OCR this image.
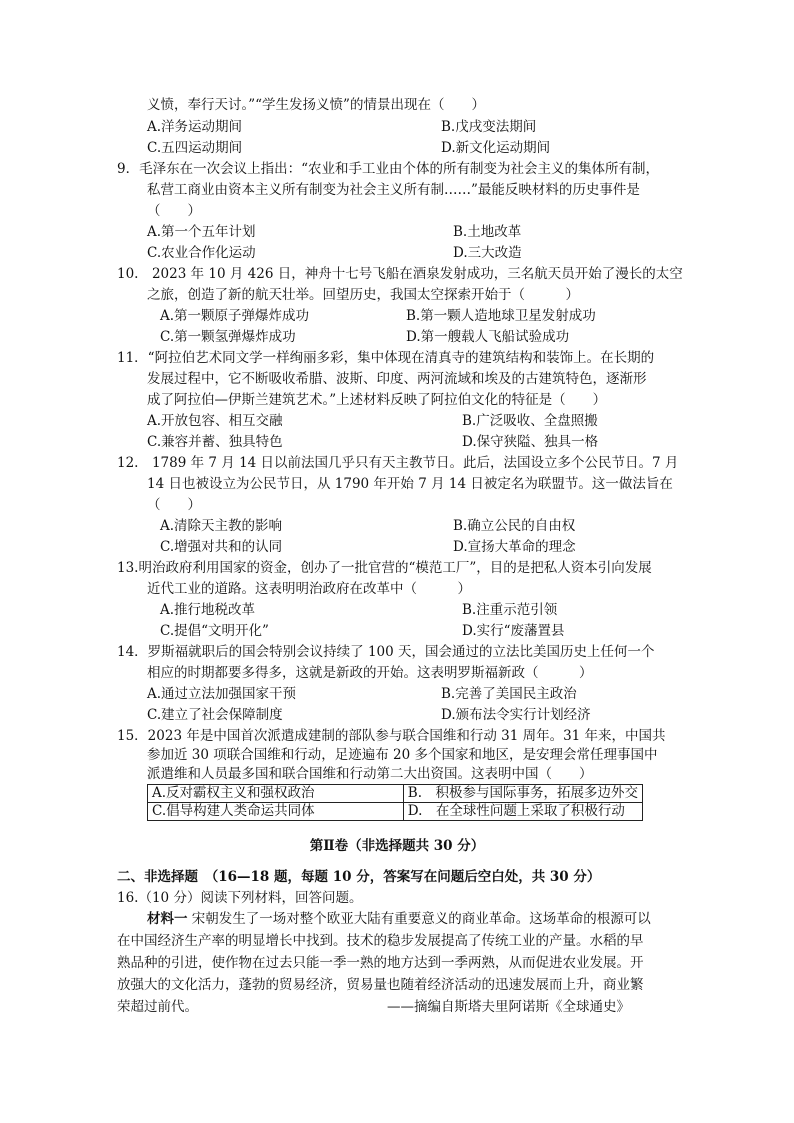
义愤，奉行天讨。”“学生发扬义愤”的情景出现在（　　）
A.洋务运动期间	B.戊戌变法期间
C.五四运动期间	D.新文化运动期间
9．毛泽东在一次会议上指出：“农业和手工业由个体的所有制变为社会主义的集体所有制，
私营工商业由资本主义所有制变为社会主义所有制……”最能反映材料的历史事件是
（　　）
A.第一个五年计划	B.土地改革
C.农业合作化运动	D.三大改造
10.　2023 年 10 月 426 日，神舟十七号飞船在酒泉发射成功，三名航天员开始了漫长的太空
之旅，创造了新的航天壮举。回望历史，我国太空探索开始于（　　　）
A.第一颗原子弹爆炸成功	B.第一颗人造地球卫星发射成功
C.第一颗氢弹爆炸成功	D.第一艘载人飞船试验成功
11．“阿拉伯艺术同文学一样绚丽多彩，集中体现在清真寺的建筑结构和装饰上。在长期的
发展过程中，它不断吸收希腊、波斯、印度、两河流域和埃及的古建筑特色，逐渐形
成了阿拉伯—伊斯兰建筑艺术。”上述材料反映了阿拉伯文化的特征是（　　）
A.开放包容、相互交融	B.广泛吸收、全盘照搬
C.兼容并蓄、独具特色	D.保守狭隘、独具一格
12.　1789 年 7 月 14 日以前法国几乎只有天主教节日。此后，法国设立多个公民节日。7 月
14 日也被设立为公民节日，从 1790 年开始 7 月 14 日被定名为联盟节。这一做法旨在
（　　）
A.清除天主教的影响	B.确立公民的自由权
C.增强对共和的认同	D.宣扬大革命的理念
13.明治政府利用国家的资金，创办了一批官营的“模范工厂”，目的是把私人资本引向发展
近代工业的道路。这表明明治政府在改革中（　　　）
A.推行地税改革	B.注重示范引领
C.提倡“文明开化”	D.实行“废藩置县
14．罗斯福就职后的国会特别会议持续了 100 天，国会通过的立法比美国历史上任何一个
相应的时期都要多得多，这就是新政的开始。这表明罗斯福新政（　　　）
A.通过立法加强国家干预	B.完善了美国民主政治
C.建立了社会保障制度	D.颁布法令实行计划经济
15．2023 年是中国首次派遣成建制的部队参与联合国维和行动 31 周年。31 年来，中国共
参加近 30 项联合国维和行动，足迹遍布 20 多个国家和地区，是安理会常任理事国中
派遣维和人员最多国和联合国维和行动第二大出资国。这表明中国（　　）
A.反对霸权主义和强权政治	B.　积极参与国际事务，拓展多边外交
C.倡导构建人类命运共同体	D.　在全球性问题上采取了积极行动
第Ⅱ卷（非选择题共 30 分）
二、非选择题　（16—18 题，每题 10 分，答案写在问题后空白处，共 30 分）
16.（10 分）阅读下列材料，回答问题。
材料一 宋朝发生了一场对整个欧亚大陆有重要意义的商业革命。这场革命的根源可以
在中国经济生产率的明显增长中找到。技术的稳步发展提高了传统工业的产量。水稻的早
熟品种的引进，使作物在过去只能一季一熟的地方达到一季两熟，从而促进农业发展。开
放强大的文化活力，蓬勃的贸易经济，贸易量也随着经济活动的迅速发展而上升，商业繁
荣超过前代。	——摘编自斯塔夫里阿诺斯《全球通史》
